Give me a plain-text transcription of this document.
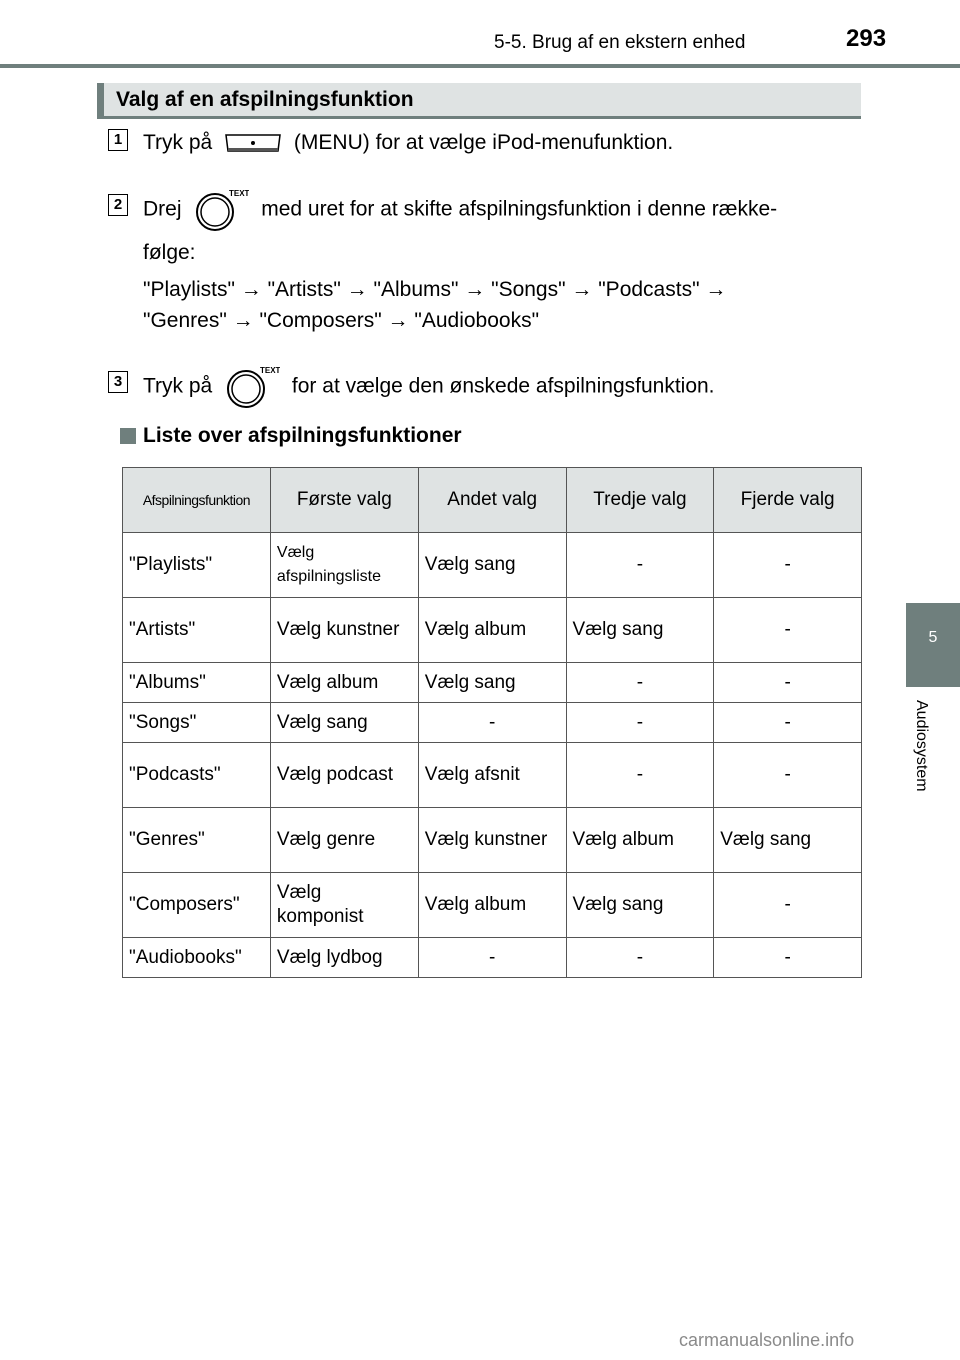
5-5. Brug af en ekstern enhed	293
Valg af en afspilningsfunktion
1 Tryk på	(MENU) for at vælge iPod-menufunktion.
2 Drej
TEXT
med uret for at skifte afspilningsfunktion i denne række-
følge:
"Playlists" → "Artists" → "Albums" → "Songs" → "Podcasts" →
"Genres" → "Composers" → "Audiobooks"
3 Tryk på
TEXT
for at vælge den ønskede afspilningsfunktion.
Liste over afspilningsfunktioner
Afspilningsfunktion	Første valg	Andet valg	Tredje valg	Fjerde valg
"Playlists"	Vælg afspilningsliste	Vælg sang	-	-
"Artists"	Vælg kunstner	Vælg album	Vælg sang	-
"Albums"	Vælg album	Vælg sang	-	-
"Songs"	Vælg sang	-	-	-
"Podcasts"	Vælg podcast	Vælg afsnit	-	-
"Genres"	Vælg genre	Vælg kunstner	Vælg album	Vælg sang
"Composers"	Vælg komponist	Vælg album	Vælg sang	-
"Audiobooks"	Vælg lydbog	-	-	-
5
Audiosystem
carmanualsonline.info
